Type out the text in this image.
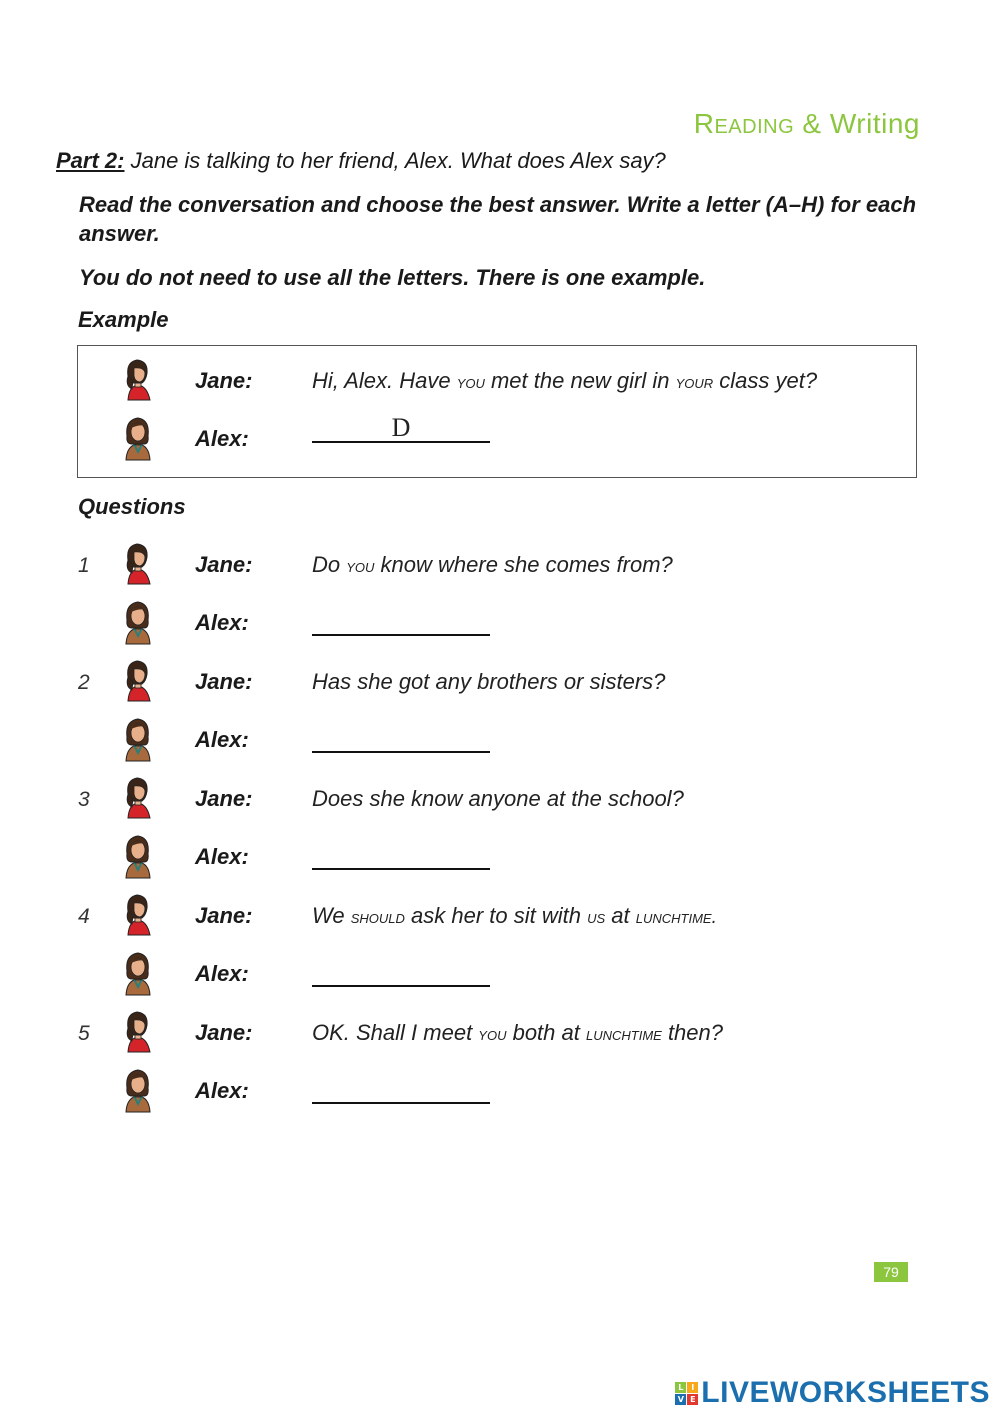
Reading & Writing
Part 2: Jane is talking to her friend, Alex. What does Alex say?
Read the conversation and choose the best answer. Write a letter (A–H) for each answer.
You do not need to use all the letters. There is one example.
Example
Jane:	Hi, Alex. Have you met the new girl in your class yet?
Alex:	D
Questions
1	Jane:	Do you know where she comes from?
Alex:
2	Jane:	Has she got any brothers or sisters?
Alex:
3	Jane:	Does she know anyone at the school?
Alex:
4	Jane:	We should ask her to sit with us at lunchtime.
Alex:
5	Jane:	OK. Shall I meet you both at lunchtime then?
Alex:
79
L I
V E LIVEWORKSHEETS
